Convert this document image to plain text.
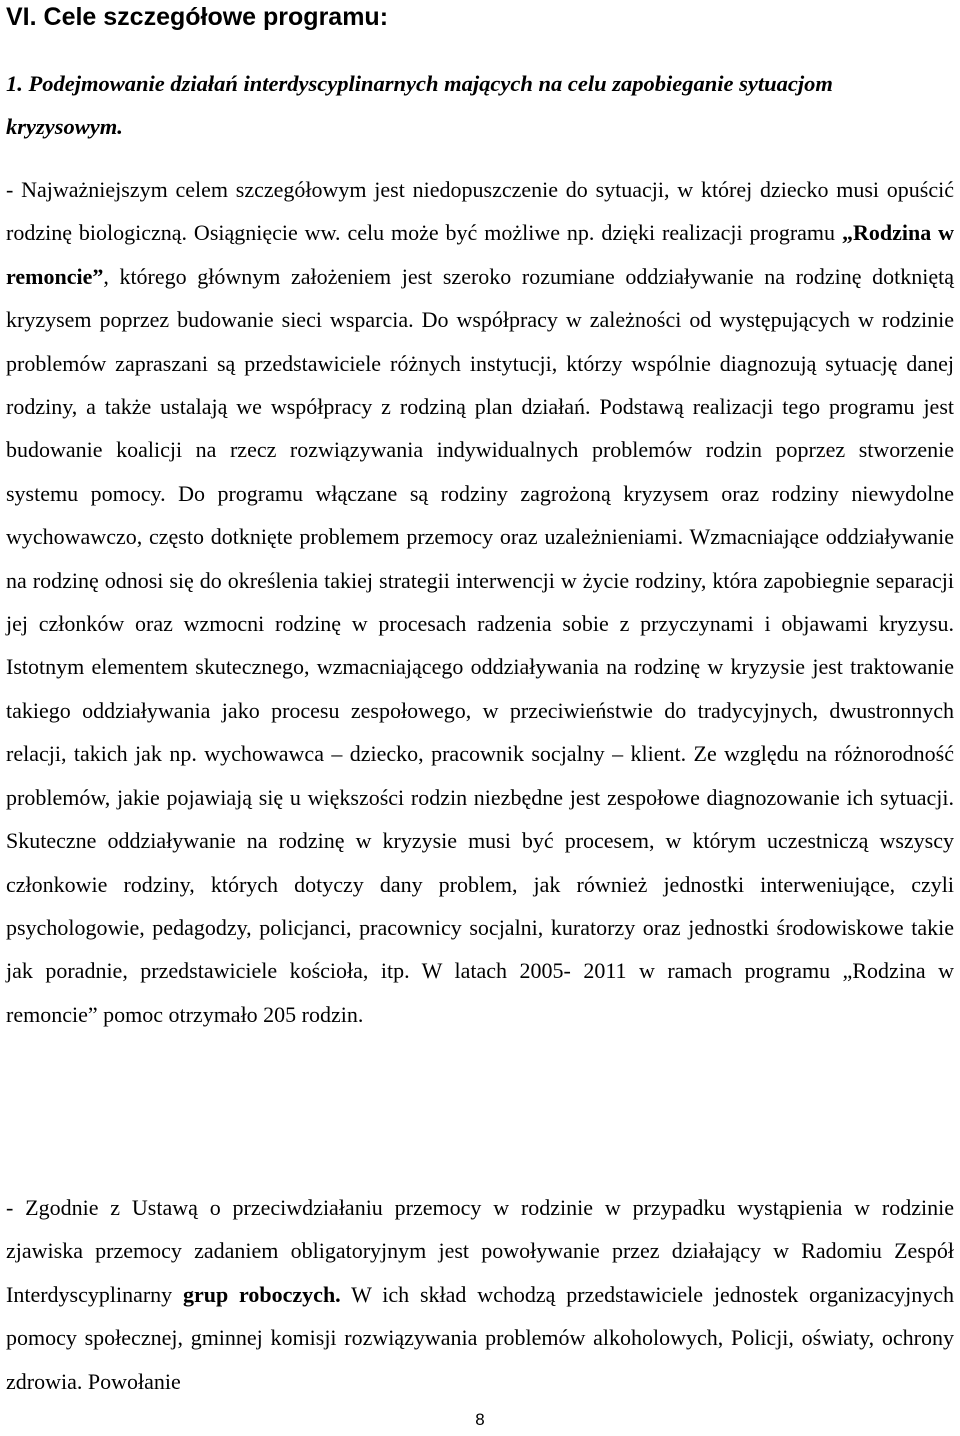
VI. Cele szczegółowe programu:
1. Podejmowanie działań interdyscyplinarnych mających na celu zapobieganie sytuacjom kryzysowym.

- Najważniejszym celem szczegółowym jest niedopuszczenie do sytuacji, w której dziecko musi opuścić rodzinę biologiczną. Osiągnięcie ww. celu może być możliwe np. dzięki realizacji programu „Rodzina w remoncie”, którego głównym założeniem jest szeroko rozumiane oddziaływanie na rodzinę dotkniętą kryzysem poprzez budowanie sieci wsparcia. Do współpracy w zależności od występujących w rodzinie problemów zapraszani są przedstawiciele różnych instytucji, którzy wspólnie diagnozują sytuację danej rodziny, a także ustalają we współpracy z rodziną plan działań. Podstawą realizacji tego programu jest budowanie koalicji na rzecz rozwiązywania indywidualnych problemów rodzin poprzez stworzenie systemu pomocy. Do programu włączane są rodziny zagrożoną kryzysem oraz rodziny niewydolne wychowawczo, często dotknięte problemem przemocy oraz uzależnieniami. Wzmacniające oddziaływanie na rodzinę odnosi się do określenia takiej strategii interwencji w życie rodziny, która zapobiegnie separacji jej członków oraz wzmocni rodzinę w procesach radzenia sobie z przyczynami i objawami kryzysu. Istotnym elementem skutecznego, wzmacniającego oddziaływania na rodzinę w kryzysie jest traktowanie takiego oddziaływania jako procesu zespołowego, w przeciwieństwie do tradycyjnych, dwustronnych relacji, takich jak np. wychowawca – dziecko, pracownik socjalny – klient. Ze względu na różnorodność problemów, jakie pojawiają się u większości rodzin niezbędne jest zespołowe diagnozowanie ich sytuacji. Skuteczne oddziaływanie na rodzinę w kryzysie musi być procesem, w którym uczestniczą wszyscy członkowie rodziny, których dotyczy dany problem, jak również jednostki interweniujące, czyli psychologowie, pedagodzy, policjanci, pracownicy socjalni, kuratorzy oraz jednostki środowiskowe takie jak poradnie, przedstawiciele kościoła, itp. W latach 2005- 2011 w ramach programu „Rodzina w remoncie” pomoc otrzymało 205 rodzin.

- Zgodnie z Ustawą o przeciwdziałaniu przemocy w rodzinie w przypadku wystąpienia w rodzinie zjawiska przemocy zadaniem obligatoryjnym jest powoływanie przez działający w Radomiu Zespół Interdyscyplinarny grup roboczych. W ich skład wchodzą przedstawiciele jednostek organizacyjnych pomocy społecznej, gminnej komisji rozwiązywania problemów alkoholowych, Policji, oświaty, ochrony zdrowia. Powołanie

8
